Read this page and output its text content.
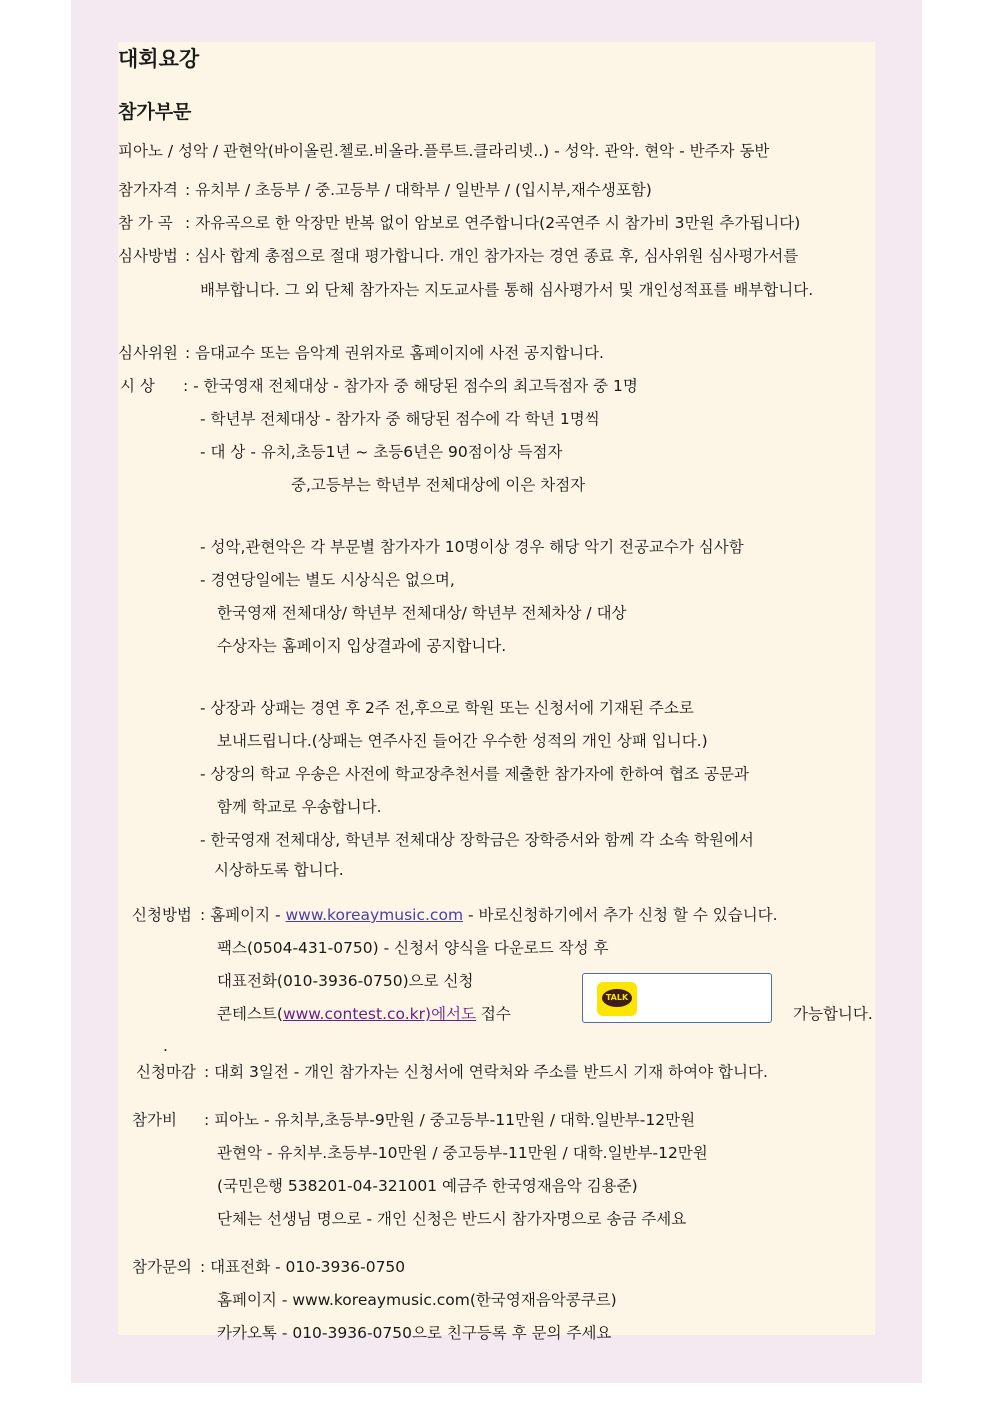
대회요강
참가부문
피아노 / 성악 / 관현악(바이올린.첼로.비올라.플루트.클라리넷..) - 성악. 관악. 현악 - 반주자 동반
참가자격 : 유치부 / 초등부 / 중.고등부 / 대학부 / 일반부 / (입시부,재수생포함)
참 가 곡 : 자유곡으로 한 악장만 반복 없이 암보로 연주합니다(2곡연주 시 참가비 3만원 추가됩니다)
심사방법 : 심사 합계 총점으로 절대 평가합니다. 개인 참가자는 경연 종료 후, 심사위원 심사평가서를
배부합니다. 그 외 단체 참가자는 지도교사를 통해 심사평가서 및 개인성적표를 배부합니다.
심사위원 : 음대교수 또는 음악계 권위자로 홈페이지에 사전 공지합니다.
시 상 : - 한국영재 전체대상 - 참가자 중 해당된 점수의 최고득점자 중 1명
- 학년부 전체대상 - 참가자 중 해당된 점수에 각 학년 1명씩
- 대 상 - 유치,초등1년 ~ 초등6년은 90점이상 득점자
중,고등부는 학년부 전체대상에 이은 차점자
- 성악,관현악은 각 부문별 참가자가 10명이상 경우 해당 악기 전공교수가 심사함
- 경연당일에는 별도 시상식은 없으며,
한국영재 전체대상/ 학년부 전체대상/ 학년부 전체차상 / 대상
수상자는 홈페이지 입상결과에 공지합니다.
- 상장과 상패는 경연 후 2주 전,후으로 학원 또는 신청서에 기재된 주소로
보내드립니다.(상패는 연주사진 들어간 우수한 성적의 개인 상패 입니다.)
- 상장의 학교 우송은 사전에 학교장추천서를 제출한 참가자에 한하여 협조 공문과
함께 학교로 우송합니다.
- 한국영재 전체대상, 학년부 전체대상 장학금은 장학증서와 함께 각 소속 학원에서
시상하도록 합니다.
신청방법 : 홈페이지 - www.koreaymusic.com - 바로신청하기에서 추가 신청 할 수 있습니다.
팩스(0504-431-0750) - 신청서 양식을 다운로드 작성 후
대표전화(010-3936-0750)으로 신청
콘테스트(www.contest.co.kr)에서도 접수
TALK
가능합니다.
.
신청마감 : 대회 3일전 - 개인 참가자는 신청서에 연락처와 주소를 반드시 기재 하여야 합니다.
참가비 : 피아노 - 유치부,초등부-9만원 / 중고등부-11만원 / 대학.일반부-12만원
관현악 - 유치부.초등부-10만원 / 중고등부-11만원 / 대학.일반부-12만원
(국민은행 538201-04-321001 예금주 한국영재음악 김용준)
단체는 선생님 명으로 - 개인 신청은 반드시 참가자명으로 송금 주세요
참가문의 : 대표전화 - 010-3936-0750
홈페이지 - www.koreaymusic.com(한국영재음악콩쿠르)
카카오톡 - 010-3936-0750으로 친구등록 후 문의 주세요
